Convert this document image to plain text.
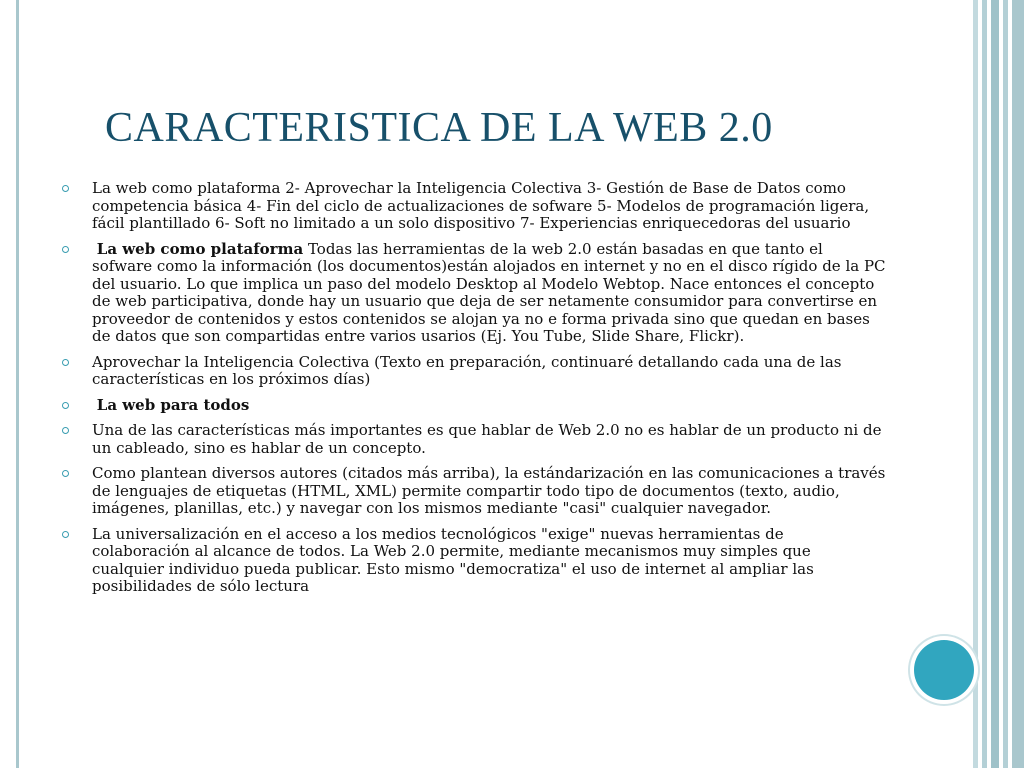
CARACTERISTICA DE LA WEB 2.0
La web como plataforma 2- Aprovechar la Inteligencia Colectiva 3- Gestión de Base de Datos como competencia básica 4- Fin del ciclo de actualizaciones de sofware 5- Modelos de programación ligera, fácil plantillado 6- Soft no limitado a un solo dispositivo 7- Experiencias enriquecedoras del usuario
La web como plataforma Todas las herramientas de la web 2.0 están basadas en que tanto el sofware como la información (los documentos)están alojados en internet y no en el disco rígido de la PC del usuario. Lo que implica un paso del modelo Desktop al Modelo Webtop. Nace entonces el concepto de web participativa, donde hay un usuario que deja de ser netamente consumidor para convertirse en proveedor de contenidos y estos contenidos se alojan ya no e forma privada sino que quedan en bases de datos que son compartidas entre varios usarios (Ej. You Tube, Slide Share, Flickr).
Aprovechar la Inteligencia Colectiva (Texto en preparación, continuaré detallando cada una de las características en los próximos días)
La web para todos
Una de las características más importantes es que hablar de Web 2.0 no es hablar de un producto ni de un cableado, sino es hablar de un concepto.
Como plantean diversos autores (citados más arriba), la estándarización en las comunicaciones a través de lenguajes de etiquetas (HTML, XML) permite compartir todo tipo de documentos (texto, audio, imágenes, planillas, etc.) y navegar con los mismos mediante "casi" cualquier navegador.
La universalización en el acceso a los medios tecnológicos "exige" nuevas herramientas de colaboración al alcance de todos. La Web 2.0 permite, mediante mecanismos muy simples que cualquier individuo pueda publicar. Esto mismo "democratiza" el uso de internet al ampliar las posibilidades de sólo lectura
